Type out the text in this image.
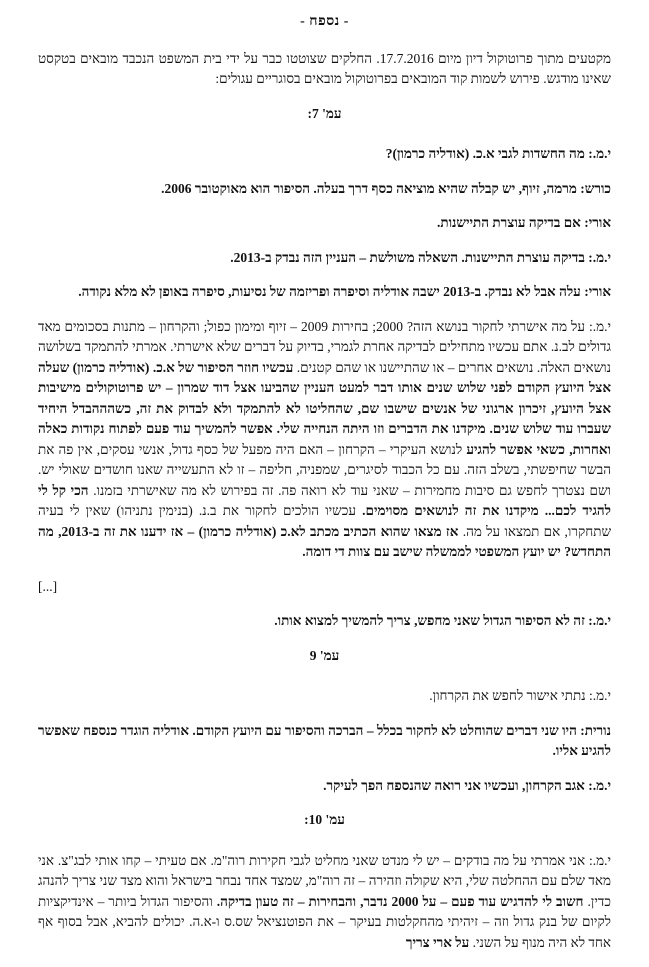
- נספח -

מקטעים מתוך פרוטוקול דיון מיום 17.7.2016. החלקים שצוטטו כבר על ידי בית המשפט הנכבד מובאים בטקסט שאינו מודגש. פירוש לשמות קוד המובאים בפרוטוקול מובאים בסוגריים עגולים:

עמ' 7:

י.מ.: מה החשדות לגבי א.כ. (אודליה כרמון)?

כורש: מרמה, זיוף, יש קבלה שהיא מוציאה כסף דרך בעלה. הסיפור הוא מאוקטובר 2006.

אורי: אם בדיקה עוצרת התיישנות.

י.מ.: בדיקה עוצרת התיישנות. השאלה משולשת – העניין הזה נבדק ב-2013.

אורי: עלה אבל לא נבדק. ב-2013 ישבה אודליה וסיפרה ופריזמה של נסיעות, סיפרה באופן לא מלא נקודה.

י.מ.: על מה אישרתי לחקור בנושא הזה? 2000; בחירות 2009 – זיוף ומימון כפול; והקרחון – מתנות בסכומים מאד גדולים לב.נ. אתם עכשיו מתחילים לבדיקה אחרת לגמרי, בדיוק על דברים שלא אישרתי. אמרתי להתמקד בשלושה נושאים האלה. נושאים אחרים – או שהתיישנו או שהם קטנים. עכשיו חוזר הסיפור של א.כ. (אודליה כרמון) שעלה אצל היועץ הקודם לפני שלוש שנים אותו דבר למעט העניין שהביעו אצל דוד שמרון – יש פרוטוקולים מישיבות אצל היועץ, זיכרון ארגוני של אנשים שישבו שם, שהחליטו לא להתמקד ולא לבדוק את זה, כשהההבדל היחיד שעברו עוד שלוש שנים. מיקדנו את הדברים וזו היתה הנחייה שלי. אפשר להמשיך עוד פעם לפתוח נקודות כאלה ואחרות, כשאי אפשר להגיע לנושא העיקרי – הקרחון – האם היה מפעל של כסף גדול, אנשי עסקים, אין פה את הבשר שחיפשתי, בשלב הזה. עם כל הכבוד לסיגרים, שמפניה, חליפה – זו לא התעשייה שאנו חושדים שאולי יש. ושם נצטרך לחפש גם סיבות מחמירות – שאני עוד לא רואה פה. זה בפירוש לא מה שאישרתי בזמנו. הכי קל לי להגיד לכם... מיקדנו את זה לנושאים מסוימים. עכשיו הולכים לחקור את ב.נ. (בנימין נתניהו) שאין לי בעיה שתחקרו, אם תמצאו על מה. אז מצאו שהוא הכתיב מכתב לא.כ (אודליה כרמון) – אז ידענו את זה ב-2013, מה התחדש? יש יועץ המשפטי לממשלה שישב עם צוות די דומה.

[...]

י.מ.: זה לא הסיפור הגדול שאני מחפש, צריך להמשיך למצוא אותו.

עמ' 9

י.מ.: נתתי אישור לחפש את הקרחון.

נורית: היו שני דברים שהוחלט לא לחקור בכלל – הברכה והסיפור עם היועץ הקודם. אודליה הוגדר כנספח שאפשר להגיע אליו.

י.מ.: אגב הקרחון, ועכשיו אני רואה שהנספח הפך לעיקר.

עמ' 10:

י.מ.: אני אמרתי על מה בודקים – יש לי מנדט שאני מחליט לגבי חקירות רוה"מ. אם טעיתי – קחו אותי לבג"צ. אני מאד שלם עם ההחלטה שלי, היא שקולה וזהירה – זה רוה"מ, שמצד אחד נבחר בישראל והוא מצד שני צריך להנהג כדין. חשוב לי להדגיש עוד פעם – על 2000 נדבר, והבחירות – זה טעון בדיקה. והסיפור הגדול ביותר – אינדיקציות לקיום של בנק גדול וזה – זיהיתי מהחקלטות בעיקר – את הפוטנציאל שס.ס ו-א.ה. יכולים להביא, אבל בסוף אף אחד לא היה מנוף על השני. על ארי צריך
